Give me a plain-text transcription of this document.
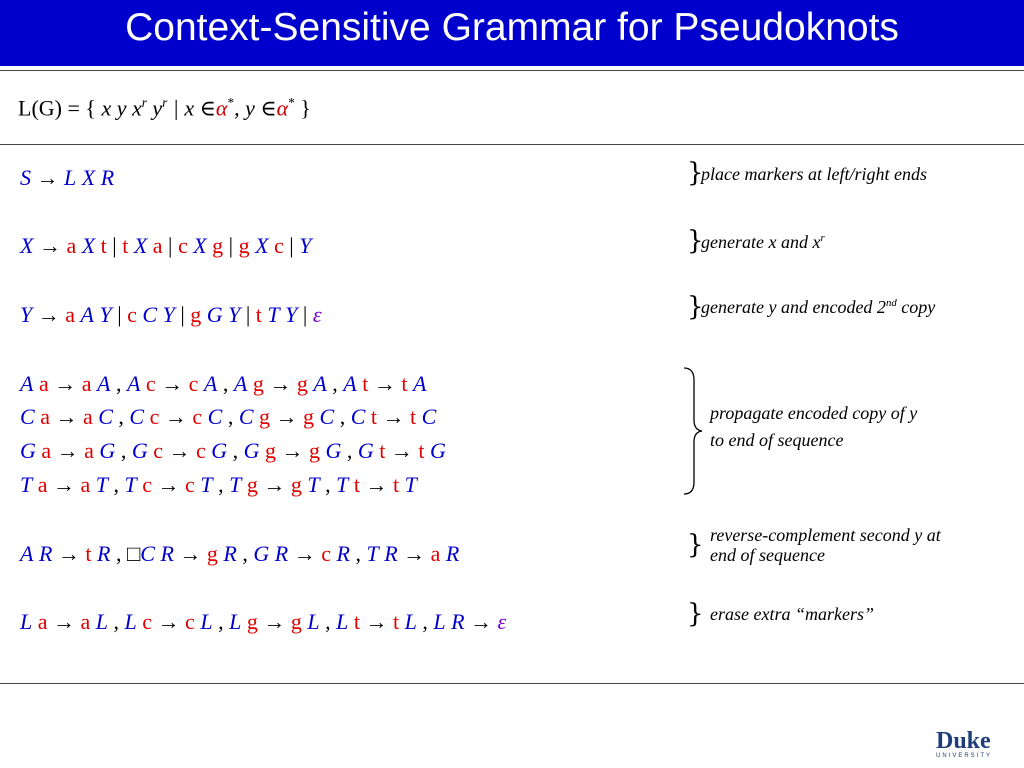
Context-Sensitive Grammar for Pseudoknots
L(G) = { x y $x^r$ $y^r$ | x ∈α*, y ∈α* }
S → L X R
X → a X t | t X a | c X g | g X c | Y
Y → a A Y | c C Y | g G Y | t T Y | ε
A a → a A , A c → c A , A g → g A , A t → t A
C a → a C , C c → c C , C g → g C , C t → t C
G a → a G , G c → c G , G g → g G , G t → t G
T a → a T , T c → c T , T g → g T , T t → t T
A R → t R , □C R → g R , G R → c R , T R → a R
L a → a L , L c → c L , L g → g L , L t → t L , L R → ε
}
}
}
}
}
place markers at left/right ends
generate x and $x^r$
generate y and encoded 2nd copy
propagate encoded copy of y
to end of sequence
reverse-complement second y at
end of sequence
erase extra “markers”
Duke
UNIVERSITY
